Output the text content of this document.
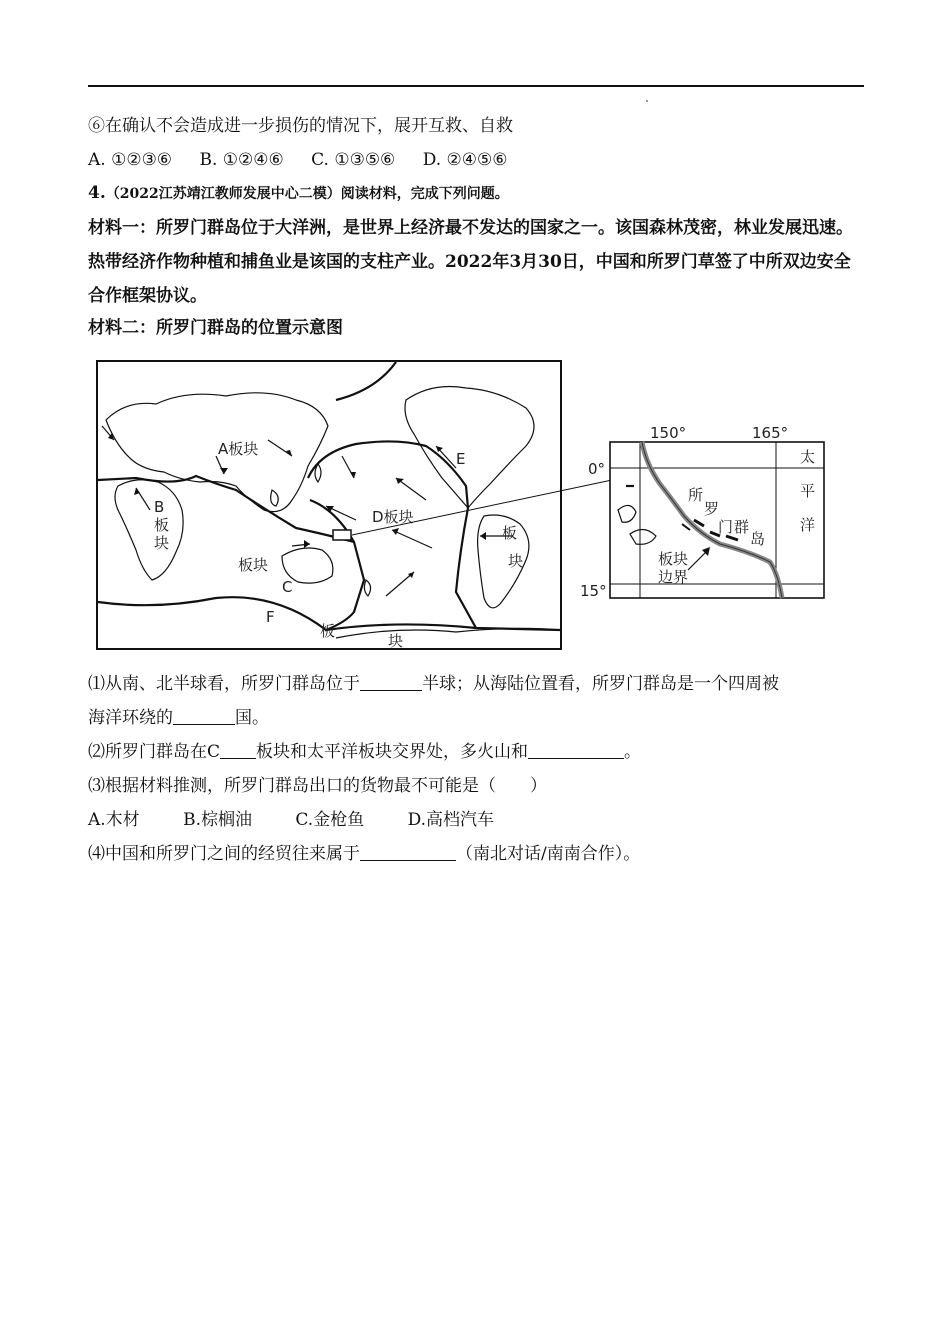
⑥在确认不会造成进一步损伤的情况下，展开互救、自救
A. ①②③⑥ B. ①②④⑥ C. ①③⑤⑥ D. ②④⑤⑥
4.（2022江苏靖江教师发展中心二模）阅读材料，完成下列问题。
材料一：所罗门群岛位于大洋洲，是世界上经济最不发达的国家之一。该国森林茂密，林业发展迅速。热带经济作物种植和捕鱼业是该国的支柱产业。2022年3月30日，中国和所罗门草签了中所双边安全合作框架协议。
材料二：所罗门群岛的位置示意图
A板块
B
板
块
板块
C
D板块
E
板
块
F
板
块
150°	165°
0°
15°
太
平
洋
所
罗
门 群
岛
板块
边界
⑴从南、北半球看，所罗门群岛位于	半球；从海陆位置看，所罗门群岛是一个四周被
海洋环绕的	国。
⑵所罗门群岛在C 板块和太平洋板块交界处，多火山和	。
⑶根据材料推测，所罗门群岛出口的货物最不可能是（　　）
A.木材	B.棕榈油	C.金枪鱼	D.高档汽车
⑷中国和所罗门之间的经贸往来属于	（南北对话/南南合作）。
